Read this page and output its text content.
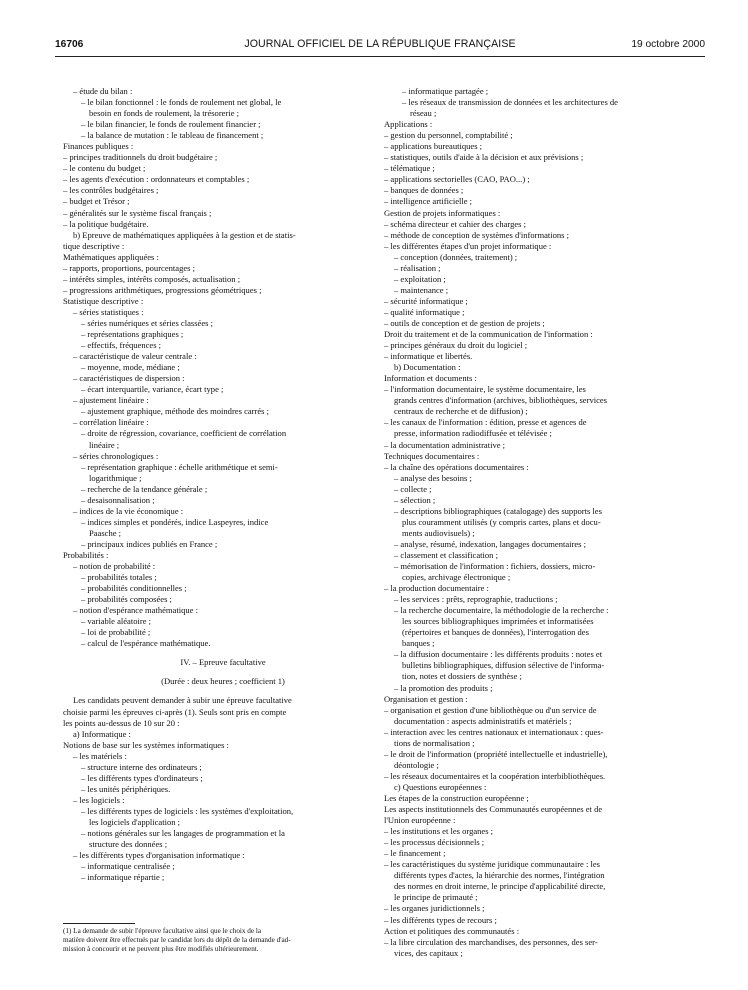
16706	JOURNAL OFFICIEL DE LA RÉPUBLIQUE FRANÇAISE	19 octobre 2000
– étude du bilan :
– le bilan fonctionnel : le fonds de roulement net global, le
besoin en fonds de roulement, la trésorerie ;
– le bilan financier, le fonds de roulement financier ;
– la balance de mutation : le tableau de financement ;
Finances publiques :
– principes traditionnels du droit budgétaire ;
– le contenu du budget ;
– les agents d'exécution : ordonnateurs et comptables ;
– les contrôles budgétaires ;
– budget et Trésor ;
– généralités sur le système fiscal français ;
– la politique budgétaire.
b) Epreuve de mathématiques appliquées à la gestion et de statis-
tique descriptive :
Mathématiques appliquées :
– rapports, proportions, pourcentages ;
– intérêts simples, intérêts composés, actualisation ;
– progressions arithmétiques, progressions géométriques ;
Statistique descriptive :
– séries statistiques :
– séries numériques et séries classées ;
– représentations graphiques ;
– effectifs, fréquences ;
– caractéristique de valeur centrale :
– moyenne, mode, médiane ;
– caractéristiques de dispersion :
– écart interquartile, variance, écart type ;
– ajustement linéaire :
– ajustement graphique, méthode des moindres carrés ;
– corrélation linéaire :
– droite de régression, covariance, coefficient de corrélation
linéaire ;
– séries chronologiques :
– représentation graphique : échelle arithmétique et semi-
logarithmique ;
– recherche de la tendance générale ;
– desaisonnalisation ;
– indices de la vie économique :
– indices simples et pondérés, indice Laspeyres, indice
Paasche ;
– principaux indices publiés en France ;
Probabilités :
– notion de probabilité :
– probabilités totales ;
– probabilités conditionnelles ;
– probabilités composées ;
– notion d'espérance mathématique :
– variable aléatoire ;
– loi de probabilité ;
– calcul de l'espérance mathématique.
IV. – Epreuve facultative
(Durée : deux heures ; coefficient 1)
Les candidats peuvent demander à subir une épreuve facultative
choisie parmi les épreuves ci-après (1). Seuls sont pris en compte
les points au-dessus de 10 sur 20 :
a) Informatique :
Notions de base sur les systèmes informatiques :
– les matériels :
– structure interne des ordinateurs ;
– les différents types d'ordinateurs ;
– les unités périphériques.
– les logiciels :
– les différents types de logiciels : les systèmes d'exploitation,
les logiciels d'application ;
– notions générales sur les langages de programmation et la
structure des données ;
– les différents types d'organisation informatique :
– informatique centralisée ;
– informatique répartie ;
– informatique partagée ;
– les réseaux de transmission de données et les architectures de
réseau ;
Applications :
– gestion du personnel, comptabilité ;
– applications bureautiques ;
– statistiques, outils d'aide à la décision et aux prévisions ;
– télématique ;
– applications sectorielles (CAO, PAO...) ;
– banques de données ;
– intelligence artificielle ;
Gestion de projets informatiques :
– schéma directeur et cahier des charges ;
– méthode de conception de systèmes d'informations ;
– les différentes étapes d'un projet informatique :
– conception (données, traitement) ;
– réalisation ;
– exploitation ;
– maintenance ;
– sécurité informatique ;
– qualité informatique ;
– outils de conception et de gestion de projets ;
Droit du traitement et de la communication de l'information :
– principes généraux du droit du logiciel ;
– informatique et libertés.
b) Documentation :
Information et documents :
– l'information documentaire, le système documentaire, les
grands centres d'information (archives, bibliothèques, services
centraux de recherche et de diffusion) ;
– les canaux de l'information : édition, presse et agences de
presse, information radiodiffusée et télévisée ;
– la documentation administrative ;
Techniques documentaires :
– la chaîne des opérations documentaires :
– analyse des besoins ;
– collecte ;
– sélection ;
– descriptions bibliographiques (catalogage) des supports les
plus couramment utilisés (y compris cartes, plans et docu-
ments audiovisuels) ;
– analyse, résumé, indexation, langages documentaires ;
– classement et classification ;
– mémorisation de l'information : fichiers, dossiers, micro-
copies, archivage électronique ;
– la production documentaire :
– les services : prêts, reprographie, traductions ;
– la recherche documentaire, la méthodologie de la recherche :
les sources bibliographiques imprimées et informatisées
(répertoires et banques de données), l'interrogation des
banques ;
– la diffusion documentaire : les différents produits : notes et
bulletins bibliographiques, diffusion sélective de l'informa-
tion, notes et dossiers de synthèse ;
– la promotion des produits ;
Organisation et gestion :
– organisation et gestion d'une bibliothèque ou d'un service de
documentation : aspects administratifs et matériels ;
– interaction avec les centres nationaux et internationaux : ques-
tions de normalisation ;
– le droit de l'information (propriété intellectuelle et industrielle),
déontologie ;
– les réseaux documentaires et la coopération interbibliothèques.
c) Questions européennes :
Les étapes de la construction européenne ;
Les aspects institutionnels des Communautés européennes et de
l'Union européenne :
– les institutions et les organes ;
– les processus décisionnels ;
– le financement ;
– les caractéristiques du système juridique communautaire : les
différents types d'actes, la hiérarchie des normes, l'intégration
des normes en droit interne, le principe d'applicabilité directe,
le principe de primauté ;
– les organes juridictionnels ;
– les différents types de recours ;
Action et politiques des communautés :
– la libre circulation des marchandises, des personnes, des ser-
vices, des capitaux ;
(1) La demande de subir l'épreuve facultative ainsi que le choix de la
matière doivent être effectués par le candidat lors du dépôt de la demande d'ad-
mission à concourir et ne peuvent plus être modifiés ultérieurement.
